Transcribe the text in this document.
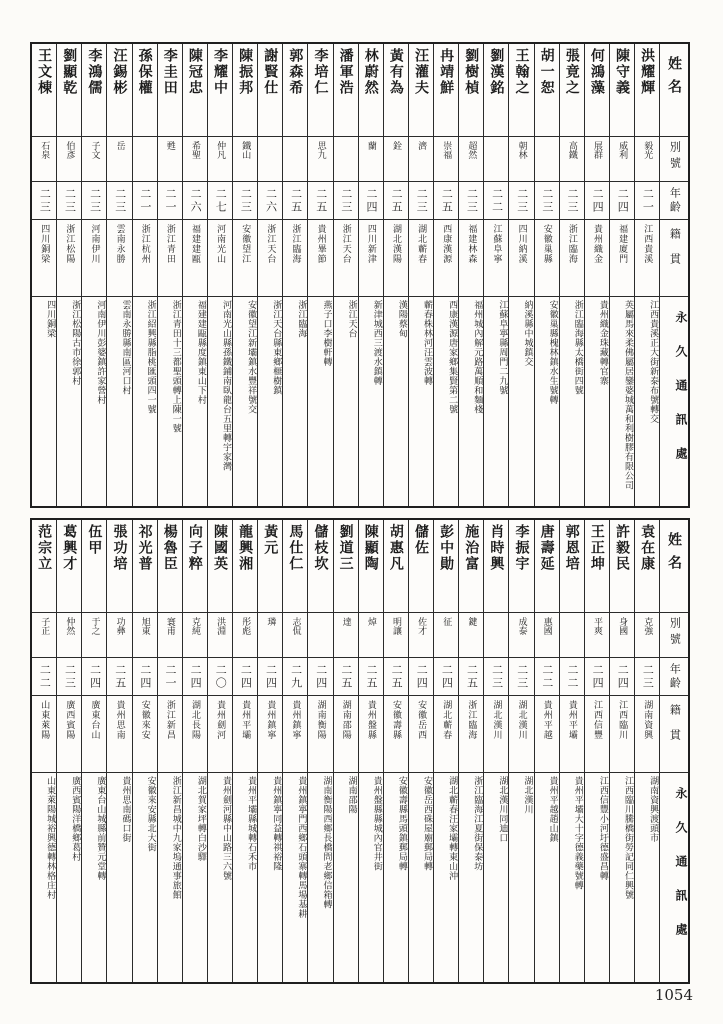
王文棟
石泉
二三
四川銅梁
四川銅梁
劉顯乾
伯彥
二三
浙江松陽
浙江松陽古市徐郭村
李鴻儒
子文
二三
河南伊川
河南伊川彭婆鎮許家營村
汪錫彬
岳
二三
雲南永勝
雲南永勝縣南區河口村
孫保權
二一
浙江杭州
浙江紹興縣脂桃匯頭四一號
李圭田
甦
二一
浙江青田
浙江青田十三都聖頭轉上陳一號
陳冠忠
希聖
二六
福建建甌
福建建甌縣度鎮東山下村
李耀中
仲凡
二七
河南光山
河南光山縣孫鐵鋪南臥龍台五里轉宇家灣
陳振邦
鐵山
二三
安徽望江
安徽望江新壩鎮水豐祥號交
謝賢仕
二六
浙江天台
浙江天台縣東鄉榧樹鎮
郭森希
二五
浙江臨海
浙江臨海
李培仁
思九
二五
貴州畢節
燕子口李樹軒轉
潘軍浩
二三
浙江天台
浙江天台
林蔚然
蘭
二四
四川新津
新津城西三渡水鎮轉
黃有為
銓
二五
湖北漢陽
漢陽蔡甸
汪灌夫
濟
二三
湖北蘄春
蘄春株林河汪雲波轉
冉靖鮮
崇福
二五
西康漢源
西康漢源唐家鄉集賢第二號
劉樹楨
超然
二三
福建林森
福州城內解元路萬順和麵棧
劉漢銘
二二
江蘇阜寧
江蘇阜寧縣周門二九號
王翰之
朝林
二三
四川納溪
納溪縣中城鎮交
胡一恕
二三
安徽巢縣
安徽巢縣槐林鎮水生號轉
張竟之
高鐵
二三
浙江臨海
浙江臨海縣太橋街四號
何鴻藻
展群
二四
貴州織金
貴州織金珠藏轉官寨
陳守義
威利
二四
福建廈門
英屬馬來柔佛屬居鑾婆城萬和利樹膠有限公司
洪耀輝
毅光
二一
江西貴溪
江西貴溪正大街新泰布號轉交
姓名
別號
年齡
籍貫
永久通訊處
范宗立
子正
二二
山東萊陽
山東萊陽城裕興德轉林格庄村
葛興才
仲然
二三
廣西賓陽
廣西賓陽洋橋鄉葛村
伍甲
于之
二四
廣東台山
廣東台山城縣前贊元堂轉
張功培
功彝
二五
貴州思南
貴州思南碼口街
祁光普
旭東
二四
安徽來安
安徽來安縣北大街
楊魯臣
寰甫
二一
浙江新昌
浙江新昌城中九家塢通事旅館
向子粹
克純
二四
湖北長陽
湖北賀家坪轉白沙驛
陳國英
洪淵
二〇
貴州劍河
貴州劍河縣中山路三六號
龍興湘
彤彪
二四
貴州平壩
貴州平壩縣城轉石禾市
黃元
璘
二四
貴州鎮寧
貴州鎮寧同益轉祺裕隆
馬仕仁
志侃
二九
貴州鎮寧
貴州鎮寧門西鄉石頭寨轉馬場基耕
儲枝坎
二四
湖南衡陽
湖南衡陽西鄉長橋問老鄉信箱轉
劉道三
達
二五
湖南邵陽
湖南邵陽
陳顯陶
焯
二五
貴州盤縣
貴州盤縣縣城內官井街
胡惠凡
明讓
二五
安徽壽縣
安徽壽縣馬頭鎮郵局轉
儲佐
佐才
二四
安徽岳西
安徽岳西硃屋廟郵局轉
彭中勛
征
二四
湖北蘄春
湖北蘄春汪家壩轉東山沖
施治富
鍵
二五
浙江臨海
浙江臨海江夏街保泰坊
肖時興
二三
湖北漢川
湖北漢川同迪口
李振宇
成泰
二三
湖北漢川
湖北漢川
唐壽延
惠國
二二
貴州平越
貴州平越趙山鎮
郭恩培
二二
貴州平壩
貴州平壩大十字德義藥號轉
王正坤
平爽
二四
江西信豐
江西信豐小河圩德盛昌轉
許毅民
身國
二四
江西臨川
江西臨川騰橋街勞記同仁興號
袁在康
克強
二三
湖南資興
湖南資興渡頭市
姓名
別號
年齡
籍貫
永久通訊處
1054
